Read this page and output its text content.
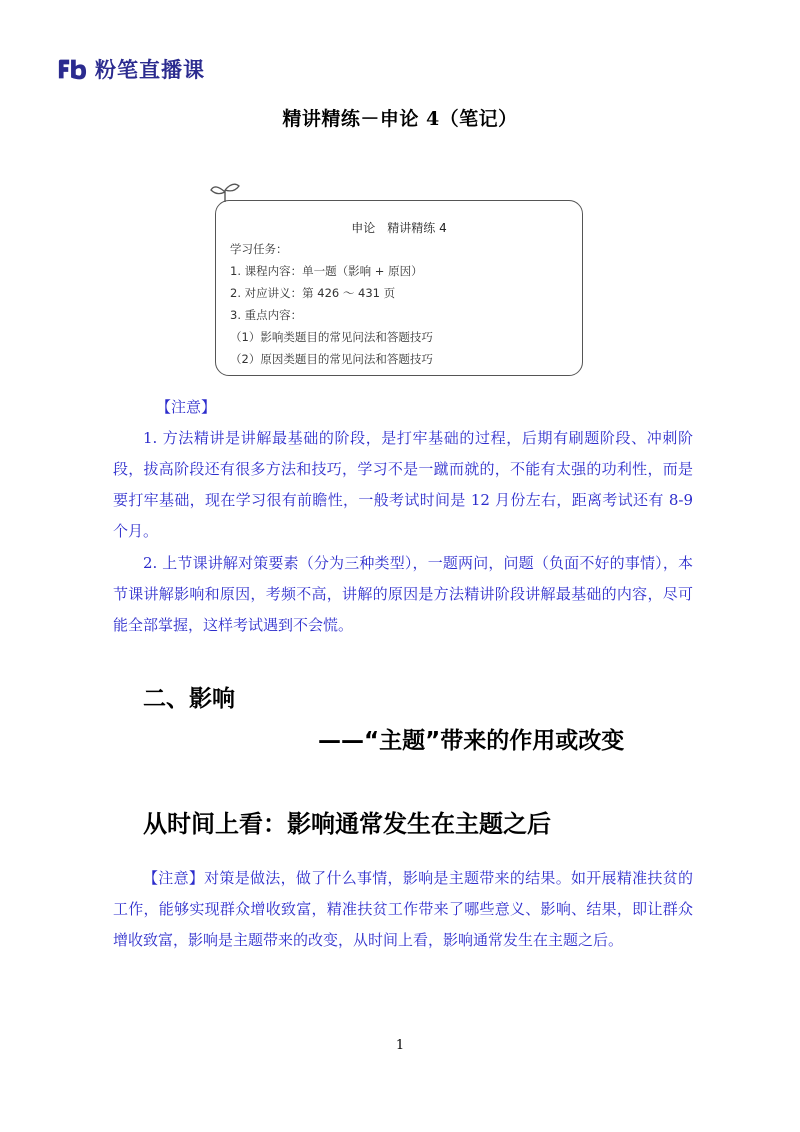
粉笔直播课
精讲精练－申论 4（笔记）
申论　精讲精练 4
学习任务：
1. 课程内容：单一题（影响 + 原因）
2. 对应讲义：第 426 ～ 431 页
3. 重点内容：
（1）影响类题目的常见问法和答题技巧
（2）原因类题目的常见问法和答题技巧
【注意】
1. 方法精讲是讲解最基础的阶段，是打牢基础的过程，后期有刷题阶段、冲刺阶段，拔高阶段还有很多方法和技巧，学习不是一蹴而就的，不能有太强的功利性，而是要打牢基础，现在学习很有前瞻性，一般考试时间是 12 月份左右，距离考试还有 8-9 个月。
2. 上节课讲解对策要素（分为三种类型），一题两问，问题（负面不好的事情），本节课讲解影响和原因，考频不高，讲解的原因是方法精讲阶段讲解最基础的内容，尽可能全部掌握，这样考试遇到不会慌。
二、影响
——“主题”带来的作用或改变
从时间上看：影响通常发生在主题之后
【注意】对策是做法，做了什么事情，影响是主题带来的结果。如开展精准扶贫的工作，能够实现群众增收致富，精准扶贫工作带来了哪些意义、影响、结果，即让群众增收致富，影响是主题带来的改变，从时间上看，影响通常发生在主题之后。
1
